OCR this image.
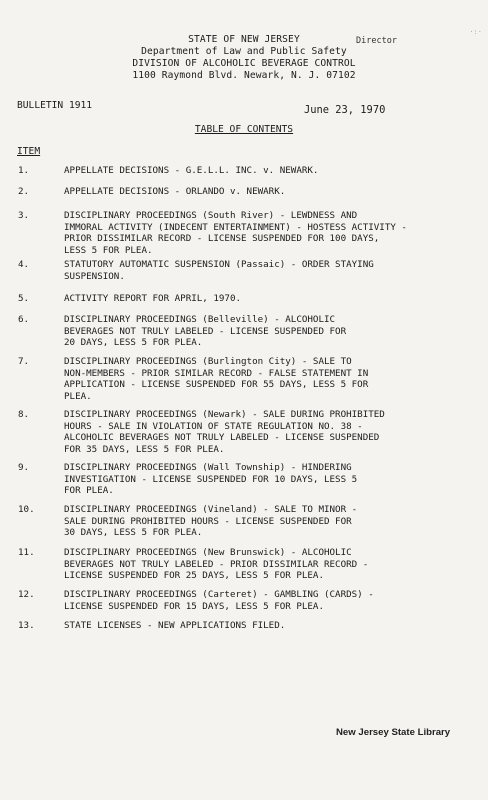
·:·
STATE OF NEW JERSEY
Department of Law and Public Safety
DIVISION OF ALCOHOLIC BEVERAGE CONTROL
1100 Raymond Blvd. Newark, N. J. 07102
Director
BULLETIN 1911	June 23, 1970
TABLE OF CONTENTS
ITEM
1.	APPELLATE DECISIONS - G.E.L.L. INC. v. NEWARK.
2.	APPELLATE DECISIONS - ORLANDO v. NEWARK.
3.	DISCIPLINARY PROCEEDINGS (South River) - LEWDNESS AND
IMMORAL ACTIVITY (INDECENT ENTERTAINMENT) - HOSTESS ACTIVITY -
PRIOR DISSIMILAR RECORD - LICENSE SUSPENDED FOR 100 DAYS,
LESS 5 FOR PLEA.
4.	STATUTORY AUTOMATIC SUSPENSION (Passaic) - ORDER STAYING
SUSPENSION.
5.	ACTIVITY REPORT FOR APRIL, 1970.
6.	DISCIPLINARY PROCEEDINGS (Belleville) - ALCOHOLIC
BEVERAGES NOT TRULY LABELED - LICENSE SUSPENDED FOR
20 DAYS, LESS 5 FOR PLEA.
7.	DISCIPLINARY PROCEEDINGS (Burlington City) - SALE TO
NON-MEMBERS - PRIOR SIMILAR RECORD - FALSE STATEMENT IN
APPLICATION - LICENSE SUSPENDED FOR 55 DAYS, LESS 5 FOR
PLEA.
8.	DISCIPLINARY PROCEEDINGS (Newark) - SALE DURING PROHIBITED
HOURS - SALE IN VIOLATION OF STATE REGULATION NO. 38 -
ALCOHOLIC BEVERAGES NOT TRULY LABELED - LICENSE SUSPENDED
FOR 35 DAYS, LESS 5 FOR PLEA.
9.	DISCIPLINARY PROCEEDINGS (Wall Township) - HINDERING
INVESTIGATION - LICENSE SUSPENDED FOR 10 DAYS, LESS 5
FOR PLEA.
10.	DISCIPLINARY PROCEEDINGS (Vineland) - SALE TO MINOR -
SALE DURING PROHIBITED HOURS - LICENSE SUSPENDED FOR
30 DAYS, LESS 5 FOR PLEA.
11.	DISCIPLINARY PROCEEDINGS (New Brunswick) - ALCOHOLIC
BEVERAGES NOT TRULY LABELED - PRIOR DISSIMILAR RECORD -
LICENSE SUSPENDED FOR 25 DAYS, LESS 5 FOR PLEA.
12.	DISCIPLINARY PROCEEDINGS (Carteret) - GAMBLING (CARDS) -
LICENSE SUSPENDED FOR 15 DAYS, LESS 5 FOR PLEA.
13.	STATE LICENSES - NEW APPLICATIONS FILED.
New Jersey State Library
